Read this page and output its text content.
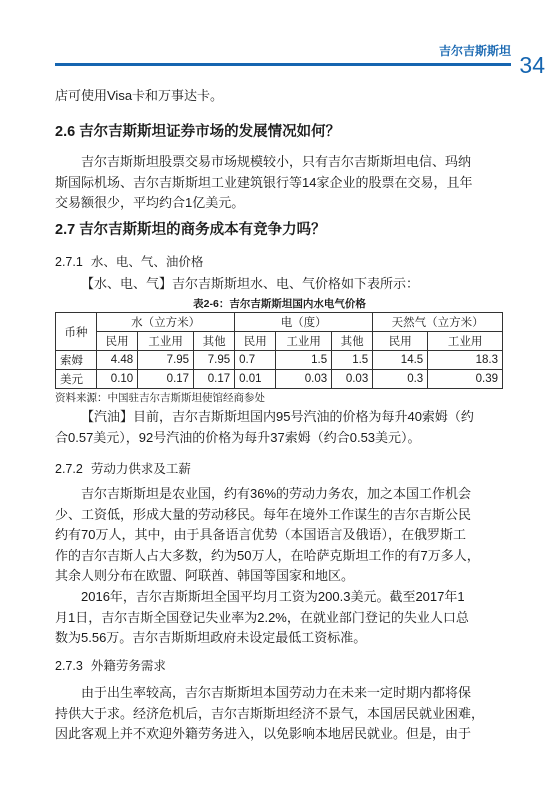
吉尔吉斯斯坦
34
店可使用Visa卡和万事达卡。
2.6 吉尔吉斯斯坦证券市场的发展情况如何？
吉尔吉斯斯坦股票交易市场规模较小，只有吉尔吉斯斯坦电信、玛纳
斯国际机场、吉尔吉斯斯坦工业建筑银行等14家企业的股票在交易，且年
交易额很少，平均约合1亿美元。
2.7 吉尔吉斯斯坦的商务成本有竞争力吗？
2.7.1 水、电、气、油价格
【水、电、气】吉尔吉斯斯坦水、电、气价格如下表所示：
表2-6：吉尔吉斯斯坦国内水电气价格
币种	水（立方米）			电（度）			天然气（立方米）	
	民用	工业用	其他	民用	工业用	其他	民用	工业用
索姆	4.48	7.95	7.95	0.7	1.5	1.5	14.5	18.3
美元	0.10	0.17	0.17	0.01	0.03	0.03	0.3	0.39
资料来源：中国驻吉尔吉斯斯坦使馆经商参处
【汽油】目前，吉尔吉斯斯坦国内95号汽油的价格为每升40索姆（约
合0.57美元），92号汽油的价格为每升37索姆（约合0.53美元）。
2.7.2 劳动力供求及工薪
吉尔吉斯斯坦是农业国，约有36%的劳动力务农，加之本国工作机会
少、工资低，形成大量的劳动移民。每年在境外工作谋生的吉尔吉斯公民
约有70万人，其中，由于具备语言优势（本国语言及俄语），在俄罗斯工
作的吉尔吉斯人占大多数，约为50万人，在哈萨克斯坦工作的有7万多人，
其余人则分布在欧盟、阿联酋、韩国等国家和地区。
2016年，吉尔吉斯斯坦全国平均月工资为200.3美元。截至2017年1
月1日，吉尔吉斯全国登记失业率为2.2%，在就业部门登记的失业人口总
数为5.56万。吉尔吉斯斯坦政府未设定最低工资标准。
2.7.3 外籍劳务需求
由于出生率较高，吉尔吉斯斯坦本国劳动力在未来一定时期内都将保
持供大于求。经济危机后，吉尔吉斯斯坦经济不景气，本国居民就业困难，
因此客观上并不欢迎外籍劳务进入，以免影响本地居民就业。但是，由于
